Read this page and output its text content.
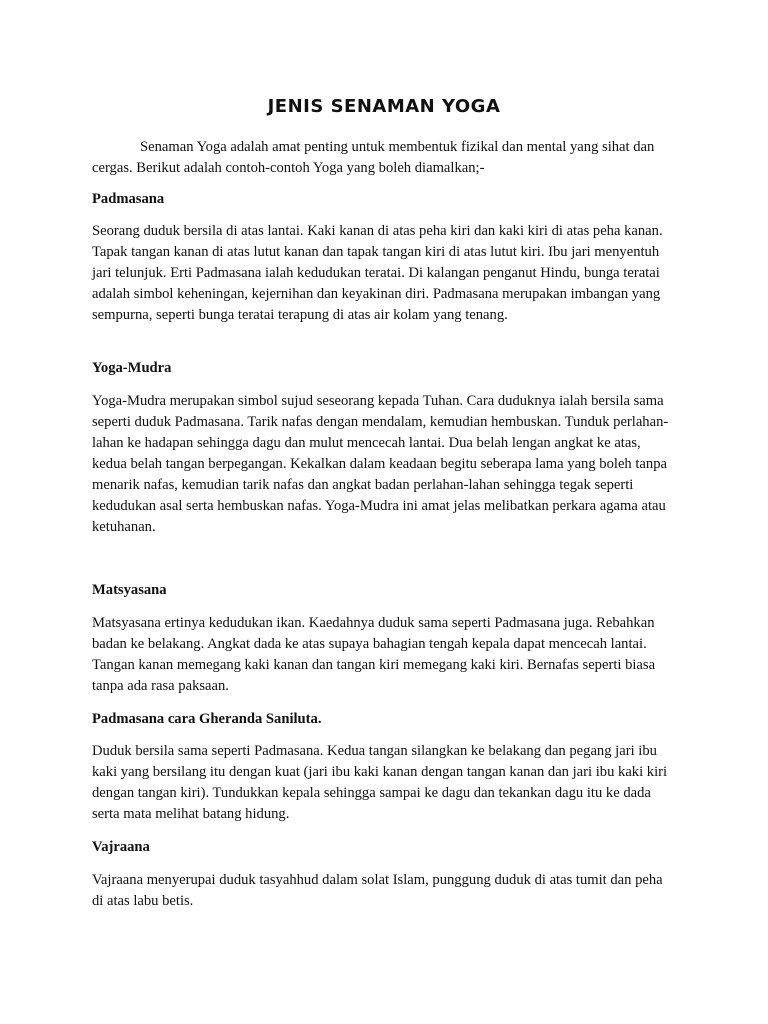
JENIS SENAMAN YOGA

Senaman Yoga adalah amat penting untuk membentuk fizikal dan mental yang sihat dan cergas. Berikut adalah contoh-contoh Yoga yang boleh diamalkan;-

Padmasana

Seorang duduk bersila di atas lantai. Kaki kanan di atas peha kiri dan kaki kiri di atas peha kanan. Tapak tangan kanan di atas lutut kanan dan tapak tangan kiri di atas lutut kiri. Ibu jari menyentuh jari telunjuk. Erti Padmasana ialah kedudukan teratai. Di kalangan penganut Hindu, bunga teratai adalah simbol keheningan, kejernihan dan keyakinan diri. Padmasana merupakan imbangan yang sempurna, seperti bunga teratai terapung di atas air kolam yang tenang.

Yoga-Mudra

Yoga-Mudra merupakan simbol sujud seseorang kepada Tuhan. Cara duduknya ialah bersila sama seperti duduk Padmasana. Tarik nafas dengan mendalam, kemudian hembuskan. Tunduk perlahan-lahan ke hadapan sehingga dagu dan mulut mencecah lantai. Dua belah lengan angkat ke atas, kedua belah tangan berpegangan. Kekalkan dalam keadaan begitu seberapa lama yang boleh tanpa menarik nafas, kemudian tarik nafas dan angkat badan perlahan-lahan sehingga tegak seperti kedudukan asal serta hembuskan nafas. Yoga-Mudra ini amat jelas melibatkan perkara agama atau ketuhanan.

Matsyasana

Matsyasana ertinya kedudukan ikan. Kaedahnya duduk sama seperti Padmasana juga. Rebahkan badan ke belakang. Angkat dada ke atas supaya bahagian tengah kepala dapat mencecah lantai. Tangan kanan memegang kaki kanan dan tangan kiri memegang kaki kiri. Bernafas seperti biasa tanpa ada rasa paksaan.

Padmasana cara Gheranda Saniluta.

Duduk bersila sama seperti Padmasana. Kedua tangan silangkan ke belakang dan pegang jari ibu kaki yang bersilang itu dengan kuat (jari ibu kaki kanan dengan tangan kanan dan jari ibu kaki kiri dengan tangan kiri). Tundukkan kepala sehingga sampai ke dagu dan tekankan dagu itu ke dada serta mata melihat batang hidung.

Vajraana

Vajraana menyerupai duduk tasyahhud dalam solat Islam, punggung duduk di atas tumit dan peha di atas labu betis.
